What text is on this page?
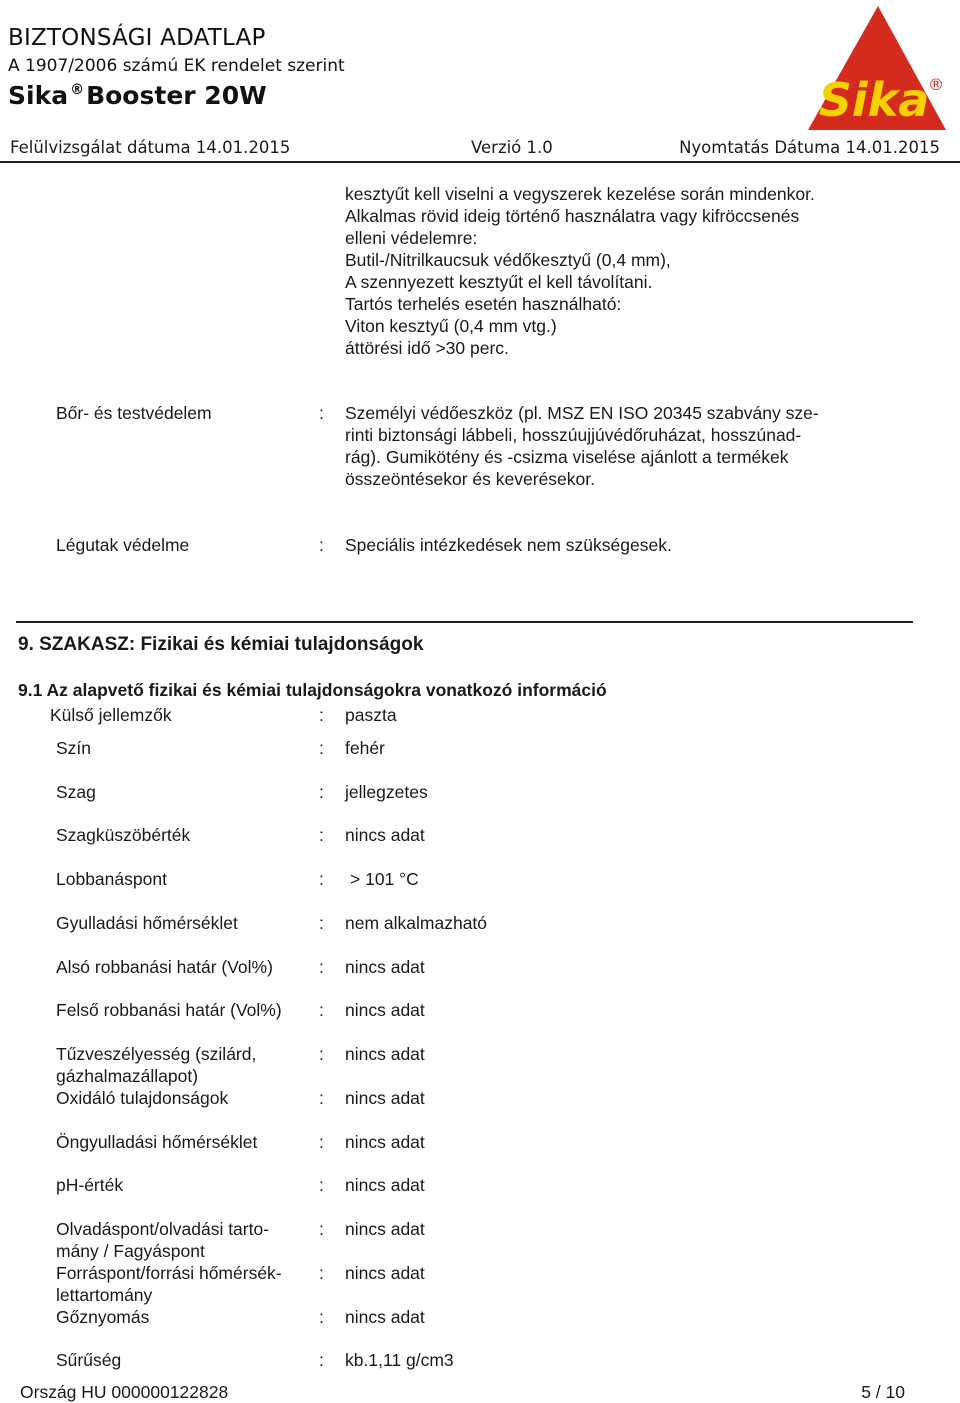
BIZTONSÁGI ADATLAP
A 1907/2006 számú EK rendelet szerint
Sika ®Booster 20W	Sika
®
Felülvizsgálat dátuma 14.01.2015	Verzió 1.0	Nyomtatás Dátuma 14.01.2015
kesztyűt kell viselni a vegyszerek kezelése során mindenkor.
Alkalmas rövid ideig történő használatra vagy kifröccsenés
elleni védelemre:
Butil-/Nitrilkaucsuk védőkesztyű (0,4 mm),
A szennyezett kesztyűt el kell távolítani.
Tartós terhelés esetén használható:
Viton kesztyű (0,4 mm vtg.)
áttörési idő >30 perc.
Bőr- és testvédelem	: Személyi védőeszköz (pl. MSZ EN ISO 20345 szabvány sze-
rinti biztonsági lábbeli, hosszúujjúvédőruházat, hosszúnad-
rág). Gumikötény és -csizma viselése ajánlott a termékek
összeöntésekor és keverésekor.
Légutak védelme	: Speciális intézkedések nem szükségesek.
9. SZAKASZ: Fizikai és kémiai tulajdonságok
9.1 Az alapvető fizikai és kémiai tulajdonságokra vonatkozó információ
Külső jellemzők	: paszta
Szín	: fehér
Szag	: jellegzetes
Szagküszöbérték	: nincs adat
Lobbanáspont	: > 101 °C
Gyulladási hőmérséklet	: nem alkalmazható
Alsó robbanási határ (Vol%)	: nincs adat
Felső robbanási határ (Vol%) : nincs adat
Tűzveszélyesség (szilárd,
gázhalmazállapot)
: nincs adat
Oxidáló tulajdonságok	: nincs adat
Öngyulladási hőmérséklet	: nincs adat
pH-érték	: nincs adat
Olvadáspont/olvadási tarto-
mány / Fagyáspont
: nincs adat
Forráspont/forrási hőmérsék-
lettartomány
: nincs adat
Gőznyomás	: nincs adat
Sűrűség	: kb.1,11 g/cm3
Ország HU 000000122828	5 / 10
